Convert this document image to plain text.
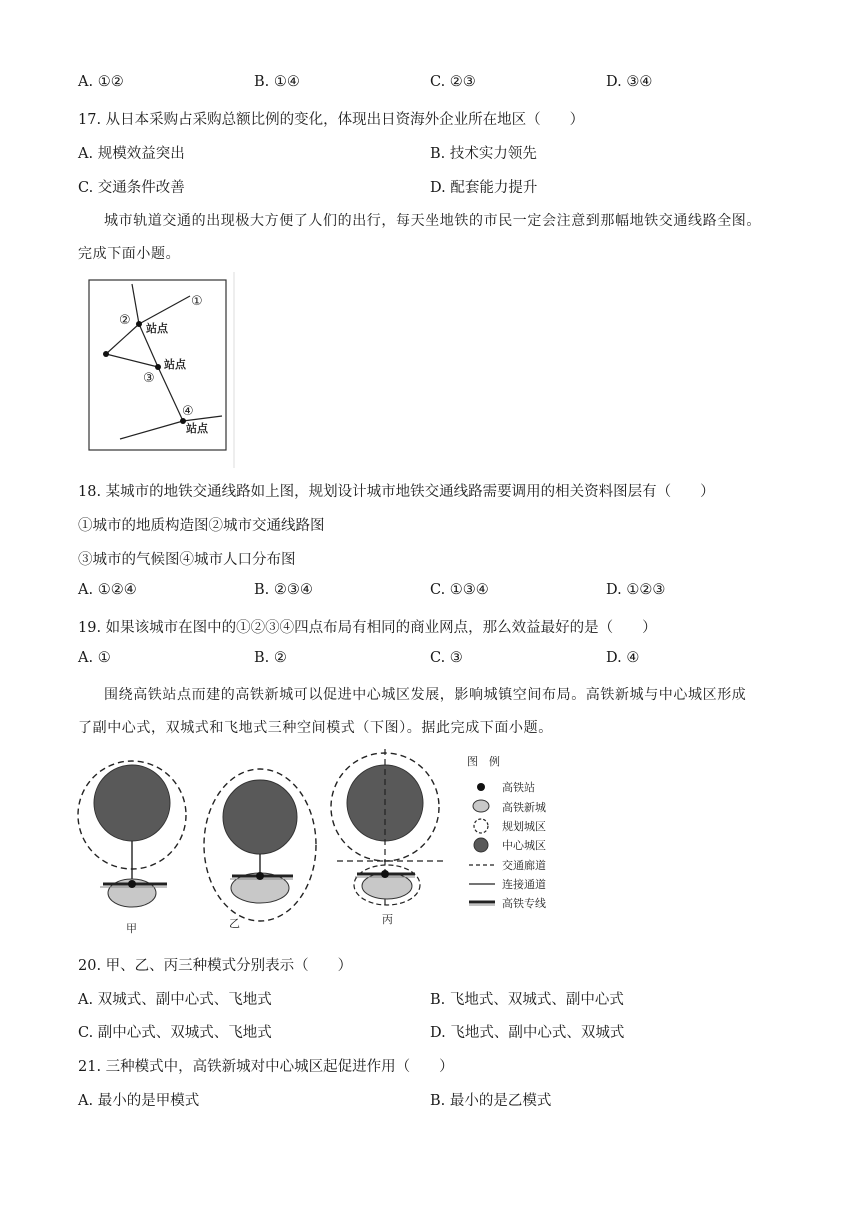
A. ①②	B. ①④	C. ②③	D. ③④
17. 从日本采购占采购总额比例的变化，体现出日资海外企业所在地区（　　）
A. 规模效益突出	B. 技术实力领先
C. 交通条件改善	D. 配套能力提升
城市轨道交通的出现极大方便了人们的出行，每天坐地铁的市民一定会注意到那幅地铁交通线路全图。
完成下面小题。
①
②
③
④
站点
站点
站点
18. 某城市的地铁交通线路如上图，规划设计城市地铁交通线路需要调用的相关资料图层有（　　）
①城市的地质构造图②城市交通线路图
③城市的气候图④城市人口分布图
A. ①②④	B. ②③④	C. ①③④	D. ①②③
19. 如果该城市在图中的①②③④四点布局有相同的商业网点，那么效益最好的是（　　）
A. ①	B. ②	C. ③	D. ④
围绕高铁站点而建的高铁新城可以促进中心城区发展，影响城镇空间布局。高铁新城与中心城区形成
了副中心式，双城式和飞地式三种空间模式（下图）。据此完成下面小题。
甲	乙	丙
图　例
高铁站
高铁新城
规划城区
中心城区
交通廊道
连接通道
高铁专线
20. 甲、乙、丙三种模式分别表示（　　）
A. 双城式、副中心式、飞地式	B. 飞地式、双城式、副中心式
C. 副中心式、双城式、飞地式	D. 飞地式、副中心式、双城式
21. 三种模式中，高铁新城对中心城区起促进作用（　　）
A. 最小的是甲模式	B. 最小的是乙模式
